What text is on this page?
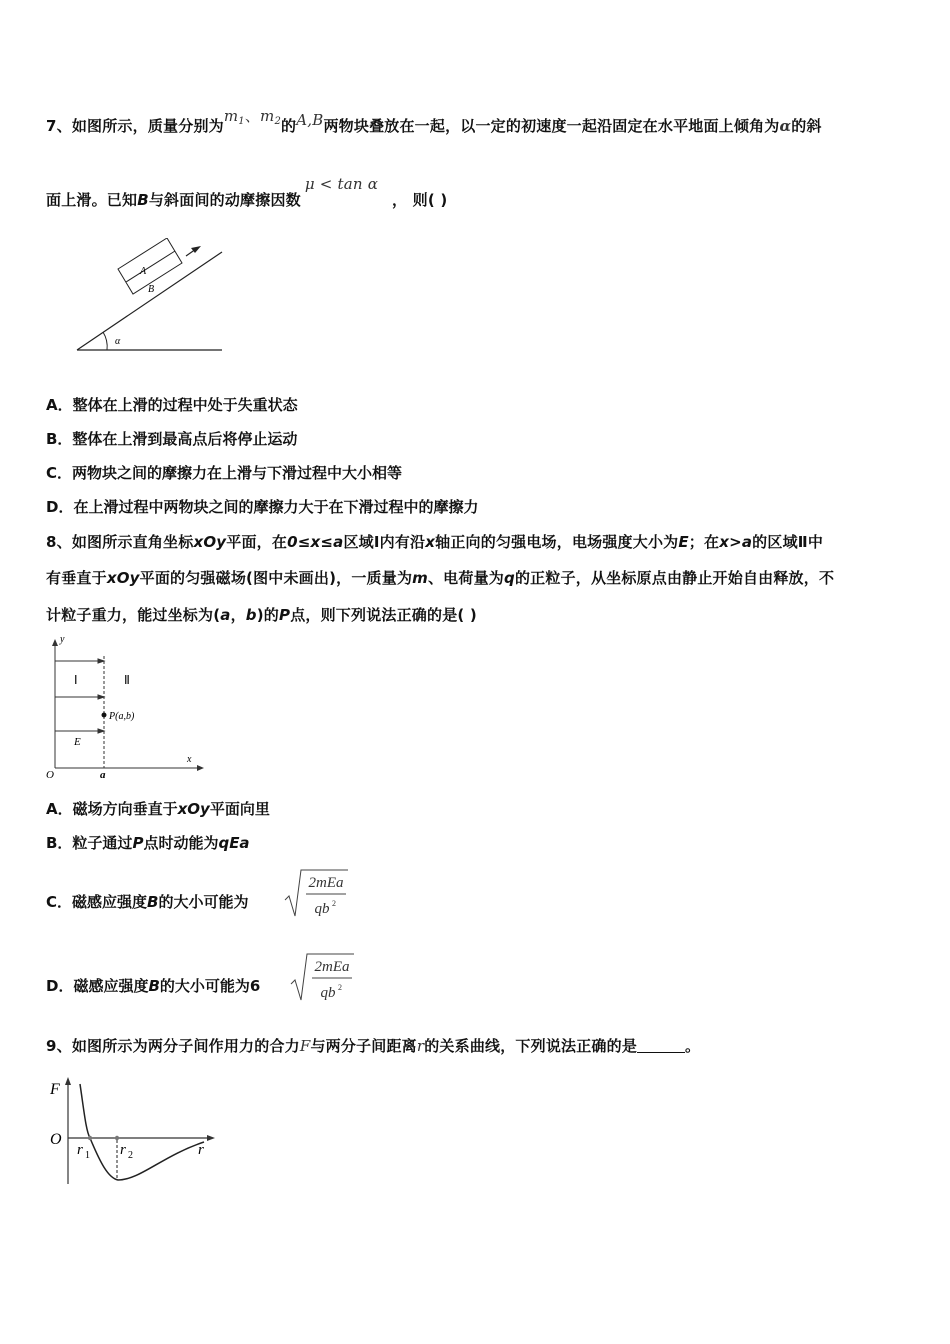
7、如图所示，质量分别为$m_1$、$m_2$的A,B两物块叠放在一起，以一定的初速度一起沿固定在水平地面上倾角为α的斜
面上滑。已知B与斜面间的动摩擦因数μ < tan α， 则( )
A
B
α
A．整体在上滑的过程中处于失重状态
B．整体在上滑到最高点后将停止运动
C．两物块之间的摩擦力在上滑与下滑过程中大小相等
D．在上滑过程中两物块之间的摩擦力大于在下滑过程中的摩擦力
8、如图所示直角坐标xOy平面，在0≤x≤a区域Ⅰ内有沿x轴正向的匀强电场，电场强度大小为E；在x>a的区域Ⅱ中
有垂直于xOy平面的匀强磁场(图中未画出)，一质量为m、电荷量为q的正粒子，从坐标原点由静止开始自由释放，不
计粒子重力，能过坐标为(a，b)的P点，则下列说法正确的是( )
y
x
O	a
Ⅰ	Ⅱ
E
P(a,b)
A．磁场方向垂直于xOy平面向里
B．粒子通过P点时动能为qEa
C．磁感应强度B的大小可能为
2mEa
qb 2
D．磁感应强度B的大小可能为6
2mEa
qb 2
9、如图所示为两分子间作用力的合力F与两分子间距离r的关系曲线，下列说法正确的是	。
F
O
r 1 r 2	r
